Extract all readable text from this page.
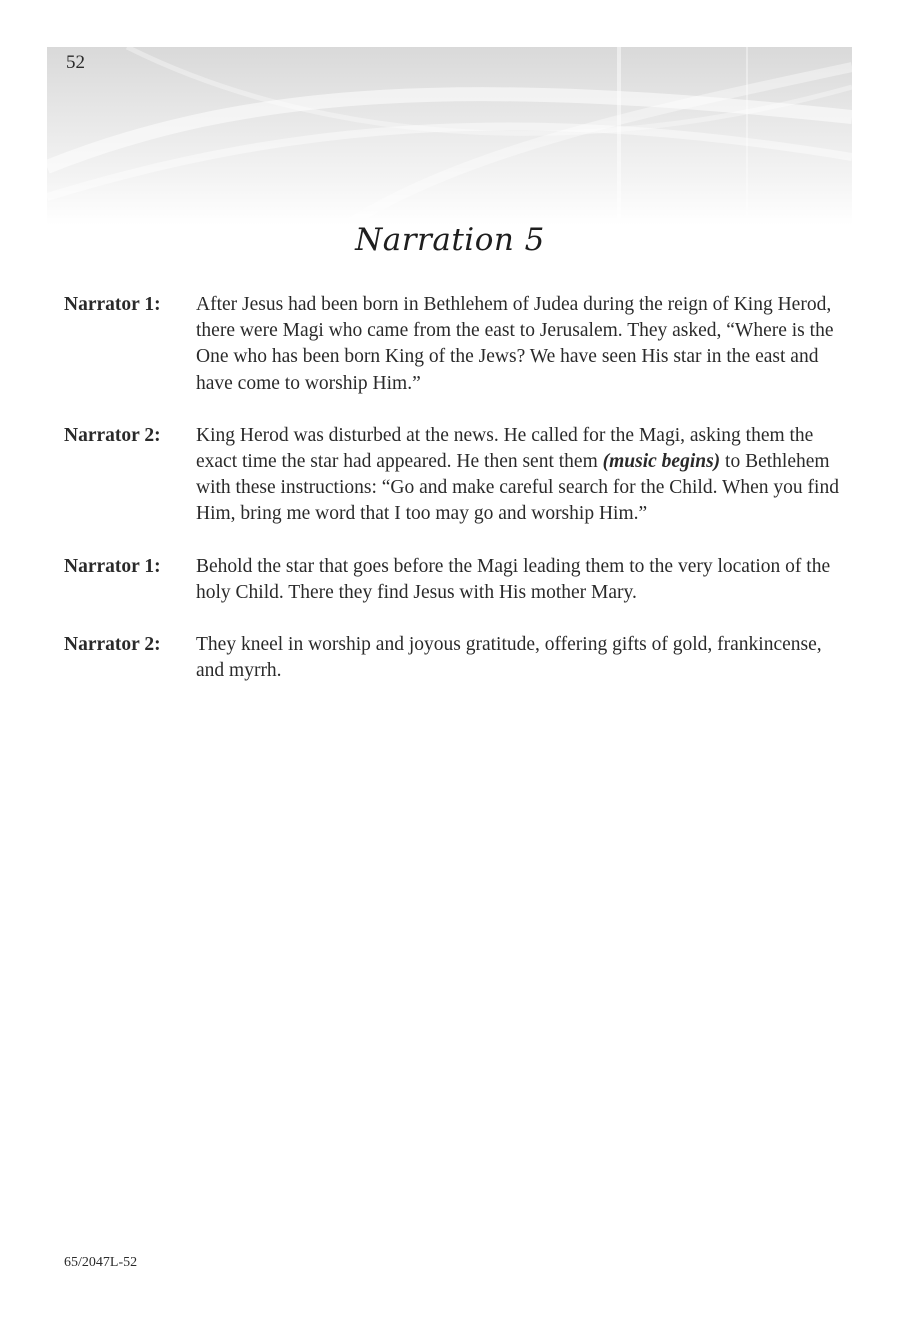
52
Narration 5
Narrator 1:	After Jesus had been born in Bethlehem of Judea during the reign of King Herod, there were Magi who came from the east to Jerusalem. They asked, “Where is the One who has been born King of the Jews? We have seen His star in the east and have come to worship Him.”
Narrator 2:	King Herod was disturbed at the news. He called for the Magi, asking them the exact time the star had appeared. He then sent them (music begins) to Bethlehem with these instructions: “Go and make careful search for the Child. When you find Him, bring me word that I too may go and worship Him.”
Narrator 1:	Behold the star that goes before the Magi leading them to the very location of the holy Child. There they find Jesus with His mother Mary.
Narrator 2:	They kneel in worship and joyous gratitude, offering gifts of gold, frankincense, and myrrh.
65/2047L-52
